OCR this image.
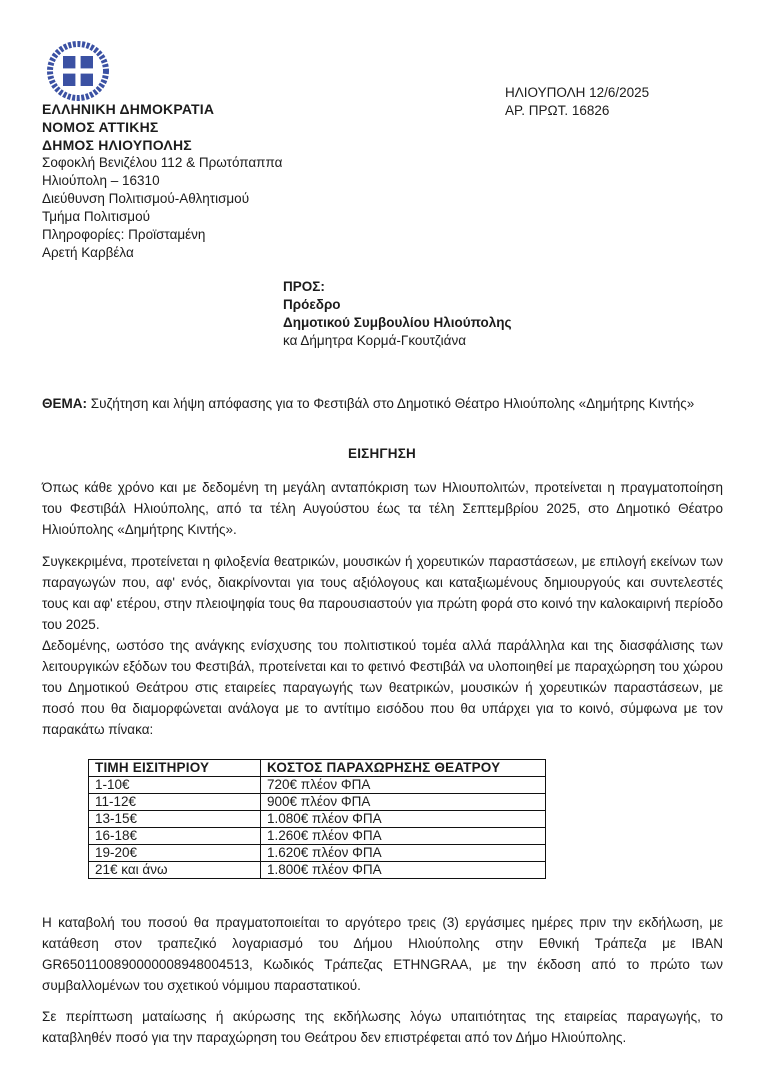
ΕΛΛΗΝΙΚΗ ΔΗΜΟΚΡΑΤΙΑ
ΝΟΜΟΣ ΑΤΤΙΚΗΣ
ΔΗΜΟΣ ΗΛΙΟΥΠΟΛΗΣ
Σοφοκλή Βενιζέλου 112 & Πρωτόπαππα
Ηλιούπολη – 16310
Διεύθυνση Πολιτισμού-Αθλητισμού
Τμήμα Πολιτισμού
Πληροφορίες: Προϊσταμένη
Αρετή Καρβέλα
ΗΛΙΟΥΠΟΛΗ 12/6/2025
ΑΡ. ΠΡΩΤ. 16826
ΠΡΟΣ:
Πρόεδρο
Δημοτικού Συμβουλίου Ηλιούπολης
κα Δήμητρα Κορμά-Γκουτζιάνα
ΘΕΜΑ: Συζήτηση και λήψη απόφασης για το Φεστιβάλ στο Δημοτικό Θέατρο Ηλιούπολης «Δημήτρης Κιντής»
ΕΙΣΗΓΗΣΗ

Όπως κάθε χρόνο και με δεδομένη τη μεγάλη ανταπόκριση των Ηλιουπολιτών, προτείνεται η πραγματοποίηση του Φεστιβάλ Ηλιούπολης, από τα τέλη Αυγούστου έως τα τέλη Σεπτεμβρίου 2025, στο Δημοτικό Θέατρο Ηλιούπολης «Δημήτρης Κιντής».

Συγκεκριμένα, προτείνεται η φιλοξενία θεατρικών, μουσικών ή χορευτικών παραστάσεων, με επιλογή εκείνων των παραγωγών που, αφ' ενός, διακρίνονται για τους αξιόλογους και καταξιωμένους δημιουργούς και συντελεστές τους και αφ' ετέρου, στην πλειοψηφία τους θα παρουσιαστούν για πρώτη φορά στο κοινό την καλοκαιρινή περίοδο του 2025.

Δεδομένης, ωστόσο της ανάγκης ενίσχυσης του πολιτιστικού τομέα αλλά παράλληλα και της διασφάλισης των λειτουργικών εξόδων του Φεστιβάλ, προτείνεται και το φετινό Φεστιβάλ να υλοποιηθεί με παραχώρηση του χώρου του Δημοτικού Θεάτρου στις εταιρείες παραγωγής των θεατρικών, μουσικών ή χορευτικών παραστάσεων, με ποσό που θα διαμορφώνεται ανάλογα με το αντίτιμο εισόδου που θα υπάρχει για το κοινό, σύμφωνα με τον παρακάτω πίνακα:

ΤΙΜΗ ΕΙΣΙΤΗΡΙΟΥ	ΚΟΣΤΟΣ ΠΑΡΑΧΩΡΗΣΗΣ ΘΕΑΤΡΟΥ
1-10€	720€ πλέον ΦΠΑ
11-12€	900€ πλέον ΦΠΑ
13-15€	1.080€ πλέον ΦΠΑ
16-18€	1.260€ πλέον ΦΠΑ
19-20€	1.620€ πλέον ΦΠΑ
21€ και άνω	1.800€ πλέον ΦΠΑ

Η καταβολή του ποσού θα πραγματοποιείται το αργότερο τρεις (3) εργάσιμες ημέρες πριν την εκδήλωση, με κατάθεση στον τραπεζικό λογαριασμό του Δήμου Ηλιούπολης στην Εθνική Τράπεζα με IBAN GR6501100890000008948004513, Κωδικός Τράπεζας ETHNGRAA, με την έκδοση από το πρώτο των συμβαλλομένων του σχετικού νόμιμου παραστατικού.

Σε περίπτωση ματαίωσης ή ακύρωσης της εκδήλωσης λόγω υπαιτιότητας της εταιρείας παραγωγής, το καταβληθέν ποσό για την παραχώρηση του Θεάτρου δεν επιστρέφεται από τον Δήμο Ηλιούπολης.
